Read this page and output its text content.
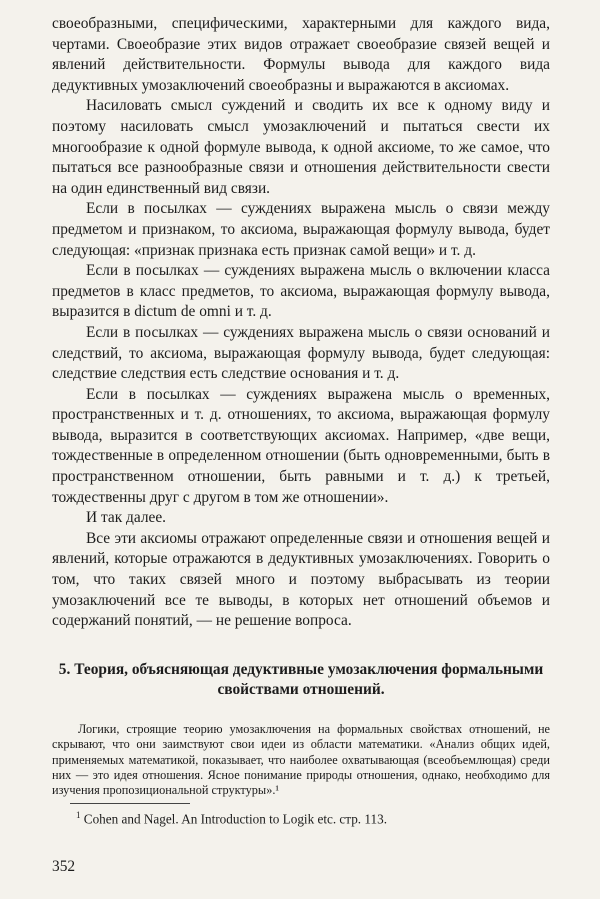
своеобразными, специфическими, характерными для каждого вида, чертами. Своеобразие этих видов отражает своеобразие связей вещей и явлений действительности. Формулы вывода для каждого вида дедуктивных умозаключений своеобразны и выражаются в аксиомах.

Насиловать смысл суждений и сводить их все к одному виду и поэтому насиловать смысл умозаключений и пытаться свести их многообразие к одной формуле вывода, к одной аксиоме, то же самое, что пытаться все разнообразные связи и отношения действительности свести на один единственный вид связи.

Если в посылках — суждениях выражена мысль о связи между предметом и признаком, то аксиома, выражающая формулу вывода, будет следующая: «признак признака есть признак самой вещи» и т. д.

Если в посылках — суждениях выражена мысль о включении класса предметов в класс предметов, то аксиома, выражающая формулу вывода, выразится в dictum de omni и т. д.

Если в посылках — суждениях выражена мысль о связи оснований и следствий, то аксиома, выражающая формулу вывода, будет следующая: следствие следствия есть следствие основания и т. д.

Если в посылках — суждениях выражена мысль о временных, пространственных и т. д. отношениях, то аксиома, выражающая формулу вывода, выразится в соответствующих аксиомах. Например, «две вещи, тождественные в определенном отношении (быть одновременными, быть в пространственном отношении, быть равными и т. д.) к третьей, тождественны друг с другом в том же отношении».

И так далее.

Все эти аксиомы отражают определенные связи и отношения вещей и явлений, которые отражаются в дедуктивных умозаключениях. Говорить о том, что таких связей много и поэтому выбрасывать из теории умозаключений все те выводы, в которых нет отношений объемов и содержаний понятий, — не решение вопроса.

5. Теория, объясняющая дедуктивные умозаключения формальными свойствами отношений.

Логики, строящие теорию умозаключения на формальных свойствах отношений, не скрывают, что они заимствуют свои идеи из области математики. «Анализ общих идей, применяемых математикой, показывает, что наиболее охватывающая (всеобъемлющая) среди них — это идея отношения. Ясное понимание природы отношения, однако, необходимо для изучения пропозициональной структуры».¹

$^1$ Cohen and Nagel. An Introduction to Logik etc. стр. 113.
352
